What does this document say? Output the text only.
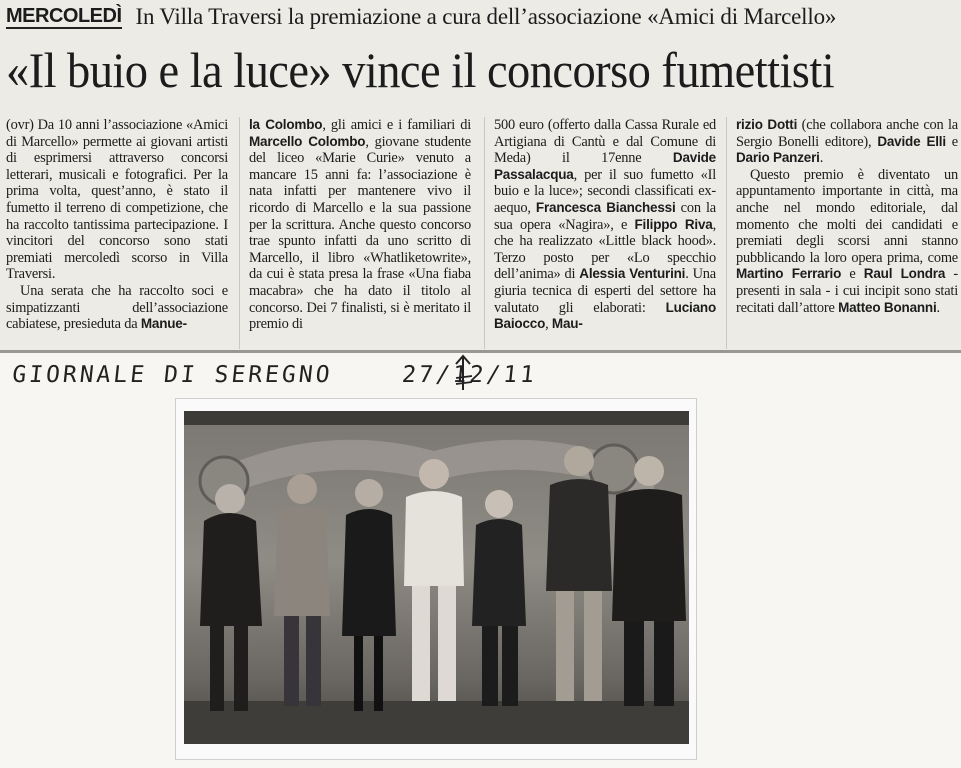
MERCOLEDÌ In Villa Traversi la premiazione a cura dell’associazione «Amici di Marcello»
«Il buio e la luce» vince il concorso fumettisti

(ovr) Da 10 anni l’associazione «Amici di Marcello» permette ai giovani artisti di esprimersi attraverso concorsi letterari, musicali e fotografici. Per la prima volta, quest’anno, è stato il fumetto il terreno di competizione, che ha raccolto tantissima partecipazione. I vincitori del concorso sono stati premiati mercoledì scorso in Villa Traversi.

Una serata che ha raccolto soci e simpatizzanti dell’associazione cabiatese, presieduta da Manue-

la Colombo, gli amici e i familiari di Marcello Colombo, giovane studente del liceo «Marie Curie» venuto a mancare 15 anni fa: l’associazione è nata infatti per mantenere vivo il ricordo di Marcello e la sua passione per la scrittura. Anche questo concorso trae spunto infatti da uno scritto di Marcello, il libro «Whatliketowrite», da cui è stata presa la frase «Una fiaba macabra» che ha dato il titolo al concorso. Dei 7 finalisti, si è meritato il premio di

500 euro (offerto dalla Cassa Rurale ed Artigiana di Cantù e dal Comune di Meda) il 17enne Davide Passalacqua, per il suo fumetto «Il buio e la luce»; secondi classificati ex-aequo, Francesca Bianchessi con la sua opera «Nagira», e Filippo Riva, che ha realizzato «Little black hood». Terzo posto per «Lo specchio dell’anima» di Alessia Venturini. Una giuria tecnica di esperti del settore ha valutato gli elaborati: Luciano Baiocco, Mau-

rizio Dotti (che collabora anche con la Sergio Bonelli editore), Davide Elli e Dario Panzeri.

Questo premio è diventato un appuntamento importante in città, ma anche nel mondo editoriale, dal momento che molti dei candidati e premiati degli scorsi anni stanno pubblicando la loro opera prima, come Martino Ferrario e Raul Londra - presenti in sala - i cui incipit sono stati recitati dall’attore Matteo Bonanni.

GIORNALE DI SEREGNO	27/12/11
